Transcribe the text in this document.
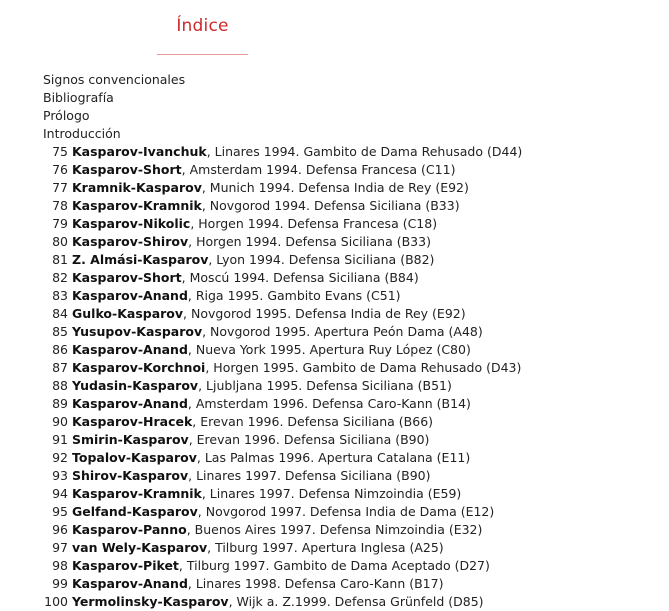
Índice
Signos convencionales
Bibliografía
Prólogo
Introducción
75 Kasparov-Ivanchuk, Linares 1994. Gambito de Dama Rehusado (D44)
76 Kasparov-Short, Amsterdam 1994. Defensa Francesa (C11)
77 Kramnik-Kasparov, Munich 1994. Defensa India de Rey (E92)
78 Kasparov-Kramnik, Novgorod 1994. Defensa Siciliana (B33)
79 Kasparov-Nikolic, Horgen 1994. Defensa Francesa (C18)
80 Kasparov-Shirov, Horgen 1994. Defensa Siciliana (B33)
81 Z. Almási-Kasparov, Lyon 1994. Defensa Siciliana (B82)
82 Kasparov-Short, Moscú 1994. Defensa Siciliana (B84)
83 Kasparov-Anand, Riga 1995. Gambito Evans (C51)
84 Gulko-Kasparov, Novgorod 1995. Defensa India de Rey (E92)
85 Yusupov-Kasparov, Novgorod 1995. Apertura Peón Dama (A48)
86 Kasparov-Anand, Nueva York 1995. Apertura Ruy López (C80)
87 Kasparov-Korchnoi, Horgen 1995. Gambito de Dama Rehusado (D43)
88 Yudasin-Kasparov, Ljubljana 1995. Defensa Siciliana (B51)
89 Kasparov-Anand, Amsterdam 1996. Defensa Caro-Kann (B14)
90 Kasparov-Hracek, Erevan 1996. Defensa Siciliana (B66)
91 Smirin-Kasparov, Erevan 1996. Defensa Siciliana (B90)
92 Topalov-Kasparov, Las Palmas 1996. Apertura Catalana (E11)
93 Shirov-Kasparov, Linares 1997. Defensa Siciliana (B90)
94 Kasparov-Kramnik, Linares 1997. Defensa Nimzoindia (E59)
95 Gelfand-Kasparov, Novgorod 1997. Defensa India de Dama (E12)
96 Kasparov-Panno, Buenos Aires 1997. Defensa Nimzoindia (E32)
97 van Wely-Kasparov, Tilburg 1997. Apertura Inglesa (A25)
98 Kasparov-Piket, Tilburg 1997. Gambito de Dama Aceptado (D27)
99 Kasparov-Anand, Linares 1998. Defensa Caro-Kann (B17)
100 Yermolinsky-Kasparov, Wijk a. Z.1999. Defensa Grünfeld (D85)
